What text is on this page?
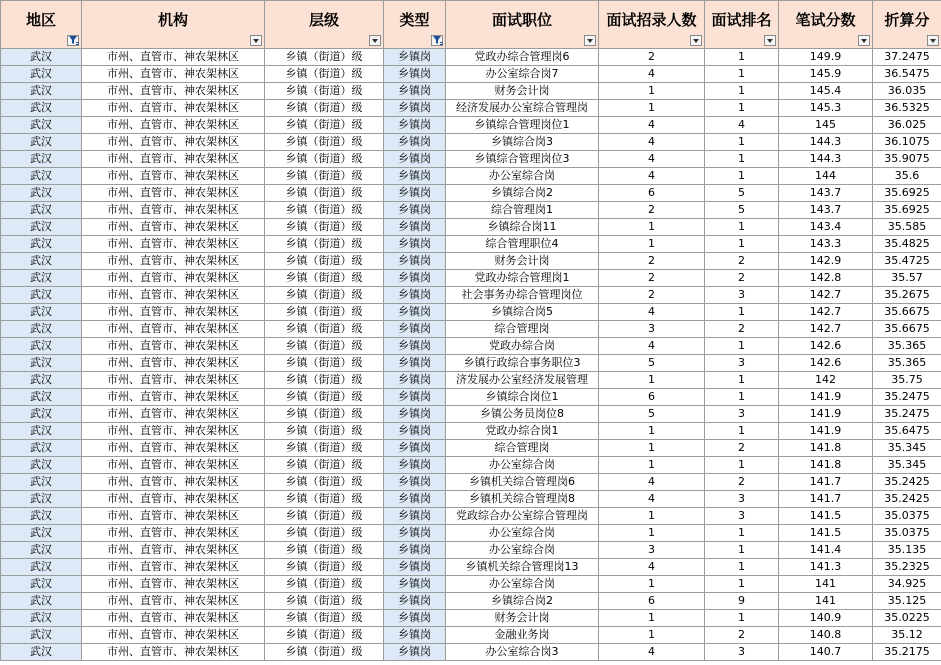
地区	机构	层级	类型	面试职位	面试招录人数	面试排名	笔试分数	折算分

武汉	市州、直管市、神农架林区	乡镇（街道）级	乡镇岗	党政办综合管理岗6	2	1	149.9	37.2475
武汉	市州、直管市、神农架林区	乡镇（街道）级	乡镇岗	办公室综合岗7	4	1	145.9	36.5475
武汉	市州、直管市、神农架林区	乡镇（街道）级	乡镇岗	财务会计岗	1	1	145.4	36.035
武汉	市州、直管市、神农架林区	乡镇（街道）级	乡镇岗	经济发展办公室综合管理岗	1	1	145.3	36.5325
武汉	市州、直管市、神农架林区	乡镇（街道）级	乡镇岗	乡镇综合管理岗位1	4	4	145	36.025
武汉	市州、直管市、神农架林区	乡镇（街道）级	乡镇岗	乡镇综合岗3	4	1	144.3	36.1075
武汉	市州、直管市、神农架林区	乡镇（街道）级	乡镇岗	乡镇综合管理岗位3	4	1	144.3	35.9075
武汉	市州、直管市、神农架林区	乡镇（街道）级	乡镇岗	办公室综合岗	4	1	144	35.6
武汉	市州、直管市、神农架林区	乡镇（街道）级	乡镇岗	乡镇综合岗2	6	5	143.7	35.6925
武汉	市州、直管市、神农架林区	乡镇（街道）级	乡镇岗	综合管理岗1	2	5	143.7	35.6925
武汉	市州、直管市、神农架林区	乡镇（街道）级	乡镇岗	乡镇综合岗11	1	1	143.4	35.585
武汉	市州、直管市、神农架林区	乡镇（街道）级	乡镇岗	综合管理职位4	1	1	143.3	35.4825
武汉	市州、直管市、神农架林区	乡镇（街道）级	乡镇岗	财务会计岗	2	2	142.9	35.4725
武汉	市州、直管市、神农架林区	乡镇（街道）级	乡镇岗	党政办综合管理岗1	2	2	142.8	35.57
武汉	市州、直管市、神农架林区	乡镇（街道）级	乡镇岗	社会事务办综合管理岗位	2	3	142.7	35.2675
武汉	市州、直管市、神农架林区	乡镇（街道）级	乡镇岗	乡镇综合岗5	4	1	142.7	35.6675
武汉	市州、直管市、神农架林区	乡镇（街道）级	乡镇岗	综合管理岗	3	2	142.7	35.6675
武汉	市州、直管市、神农架林区	乡镇（街道）级	乡镇岗	党政办综合岗	4	1	142.6	35.365
武汉	市州、直管市、神农架林区	乡镇（街道）级	乡镇岗	乡镇行政综合事务职位3	5	3	142.6	35.365
武汉	市州、直管市、神农架林区	乡镇（街道）级	乡镇岗	济发展办公室经济发展管理	1	1	142	35.75
武汉	市州、直管市、神农架林区	乡镇（街道）级	乡镇岗	乡镇综合岗位1	6	1	141.9	35.2475
武汉	市州、直管市、神农架林区	乡镇（街道）级	乡镇岗	乡镇公务员岗位8	5	3	141.9	35.2475
武汉	市州、直管市、神农架林区	乡镇（街道）级	乡镇岗	党政办综合岗1	1	1	141.9	35.6475
武汉	市州、直管市、神农架林区	乡镇（街道）级	乡镇岗	综合管理岗	1	2	141.8	35.345
武汉	市州、直管市、神农架林区	乡镇（街道）级	乡镇岗	办公室综合岗	1	1	141.8	35.345
武汉	市州、直管市、神农架林区	乡镇（街道）级	乡镇岗	乡镇机关综合管理岗6	4	2	141.7	35.2425
武汉	市州、直管市、神农架林区	乡镇（街道）级	乡镇岗	乡镇机关综合管理岗8	4	3	141.7	35.2425
武汉	市州、直管市、神农架林区	乡镇（街道）级	乡镇岗	党政综合办公室综合管理岗	1	3	141.5	35.0375
武汉	市州、直管市、神农架林区	乡镇（街道）级	乡镇岗	办公室综合岗	1	1	141.5	35.0375
武汉	市州、直管市、神农架林区	乡镇（街道）级	乡镇岗	办公室综合岗	3	1	141.4	35.135
武汉	市州、直管市、神农架林区	乡镇（街道）级	乡镇岗	乡镇机关综合管理岗13	4	1	141.3	35.2325
武汉	市州、直管市、神农架林区	乡镇（街道）级	乡镇岗	办公室综合岗	1	1	141	34.925
武汉	市州、直管市、神农架林区	乡镇（街道）级	乡镇岗	乡镇综合岗2	6	9	141	35.125
武汉	市州、直管市、神农架林区	乡镇（街道）级	乡镇岗	财务会计岗	1	1	140.9	35.0225
武汉	市州、直管市、神农架林区	乡镇（街道）级	乡镇岗	金融业务岗	1	2	140.8	35.12
武汉	市州、直管市、神农架林区	乡镇（街道）级	乡镇岗	办公室综合岗3	4	3	140.7	35.2175
